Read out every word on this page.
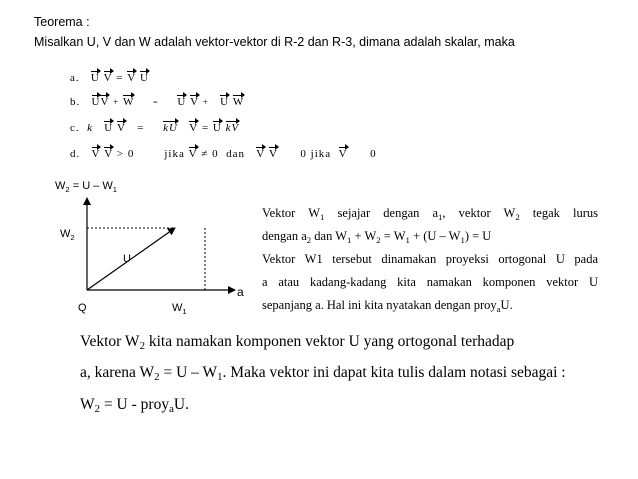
Teorema :
Misalkan U, V dan W adalah vektor-vektor di R-2 dan R-3, dimana adalah skalar, maka
a. U V = V U
b. UV + W = U V + U W
c. k U V = kU V = U kV
d. V V > 0	jika V ≠ 0 dan V V 0 jika V 0
$W_2 = U - W_1$
$W_2$
U
Q	$W_1$
a

Vektor $W_1$ sejajar dengan $a_1$, vektor $W_2$ tegak lurus

dengan $a_2$ dan $W_1 + W_2 = W_1 + (U - W_1) = U$

Vektor W1 tersebut dinamakan proyeksi ortogonal U pada

a atau kadang-kadang kita namakan komponen vektor U

sepanjang a. Hal ini kita nyatakan dengan proy$_a$U.

Vektor $W_2$ kita namakan komponen vektor U yang ortogonal terhadap
a, karena $W_2 = U - W_1$. Maka vektor ini dapat kita tulis dalam notasi sebagai :
$W_2 = U$ - proy$_a$U.
